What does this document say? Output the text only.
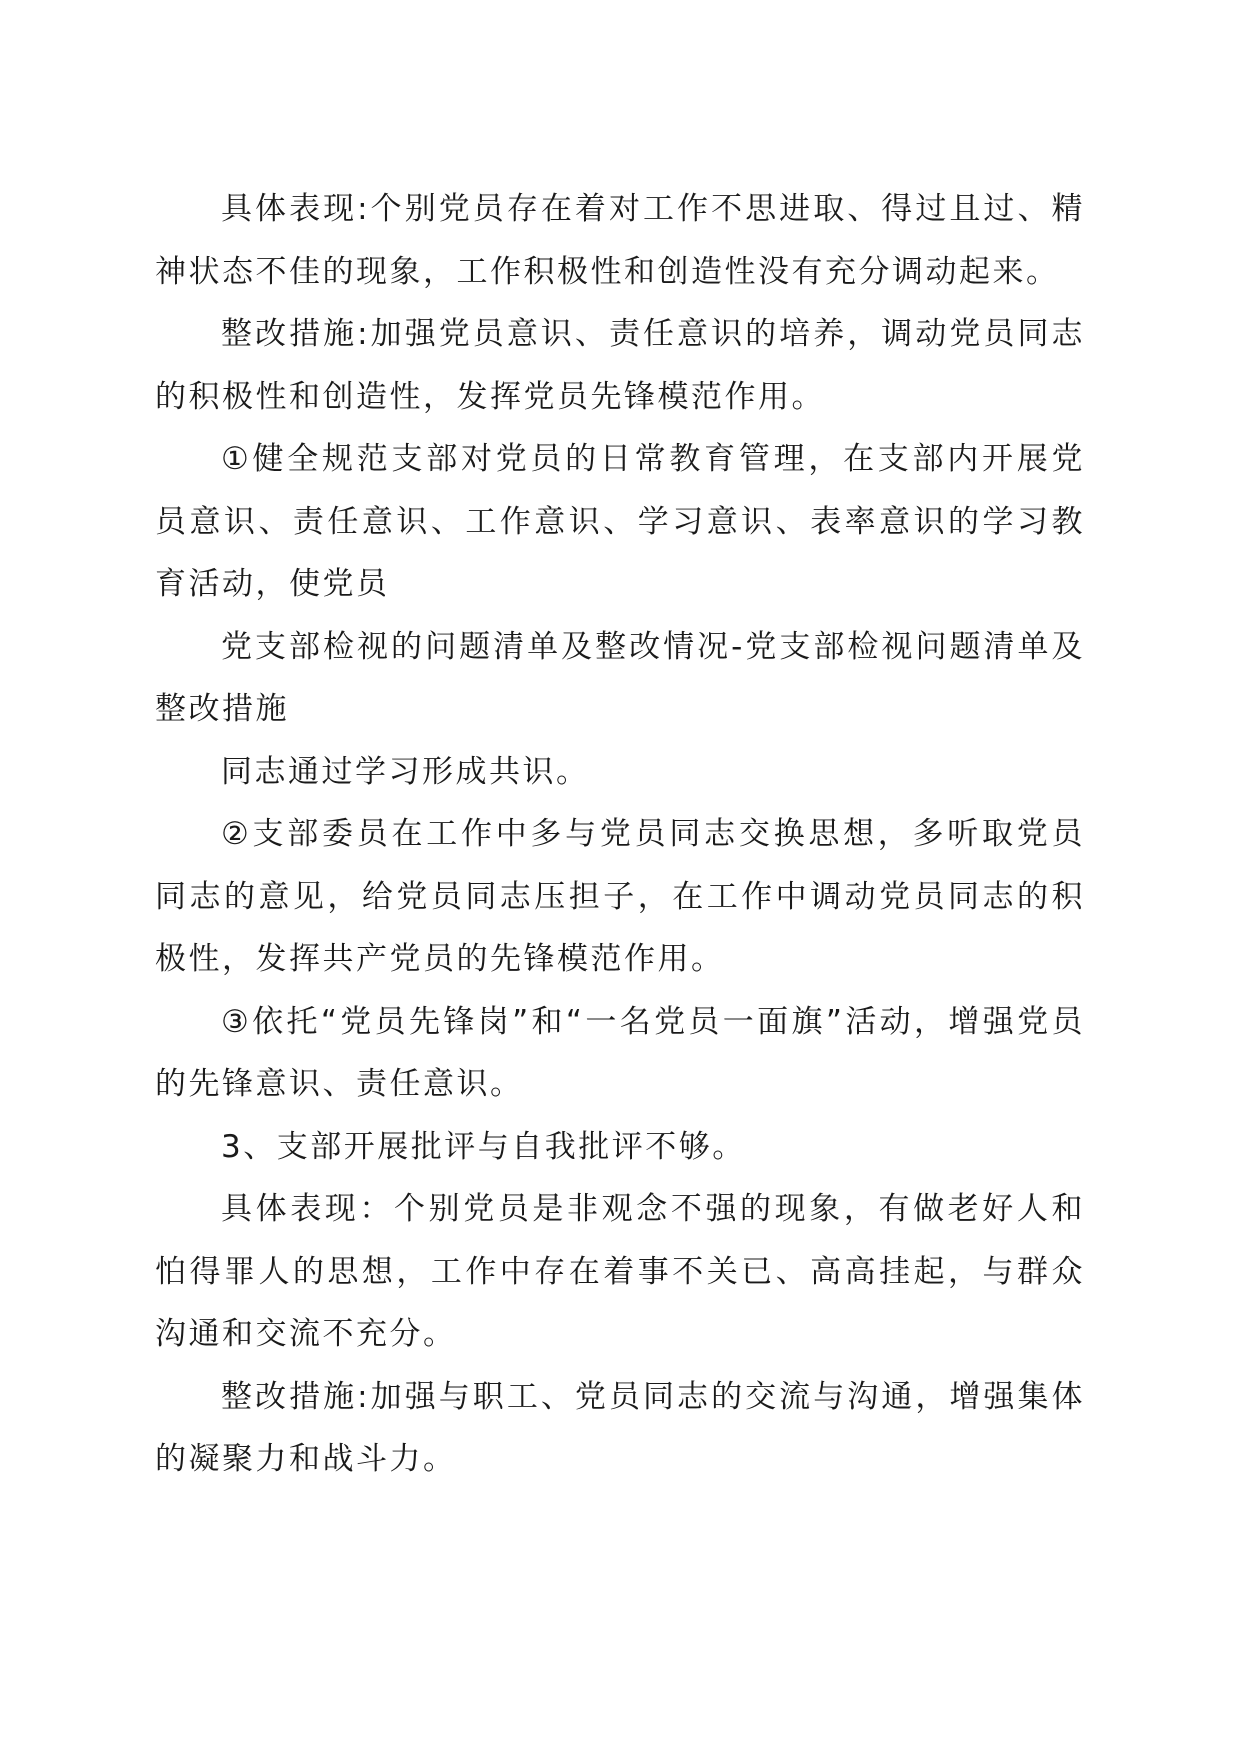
具体表现:个别党员存在着对工作不思进取、得过且过、精神状态不佳的现象，工作积极性和创造性没有充分调动起来。

整改措施:加强党员意识、责任意识的培养，调动党员同志的积极性和创造性，发挥党员先锋模范作用。

①健全规范支部对党员的日常教育管理，在支部内开展党员意识、责任意识、工作意识、学习意识、表率意识的学习教育活动，使党员

党支部检视的问题清单及整改情况-党支部检视问题清单及整改措施

同志通过学习形成共识。

②支部委员在工作中多与党员同志交换思想，多听取党员同志的意见，给党员同志压担子，在工作中调动党员同志的积极性，发挥共产党员的先锋模范作用。

③依托“党员先锋岗”和“一名党员一面旗”活动，增强党员的先锋意识、责任意识。

3、支部开展批评与自我批评不够。

具体表现：个别党员是非观念不强的现象，有做老好人和怕得罪人的思想，工作中存在着事不关已、高高挂起，与群众沟通和交流不充分。

整改措施:加强与职工、党员同志的交流与沟通，增强集体的凝聚力和战斗力。
